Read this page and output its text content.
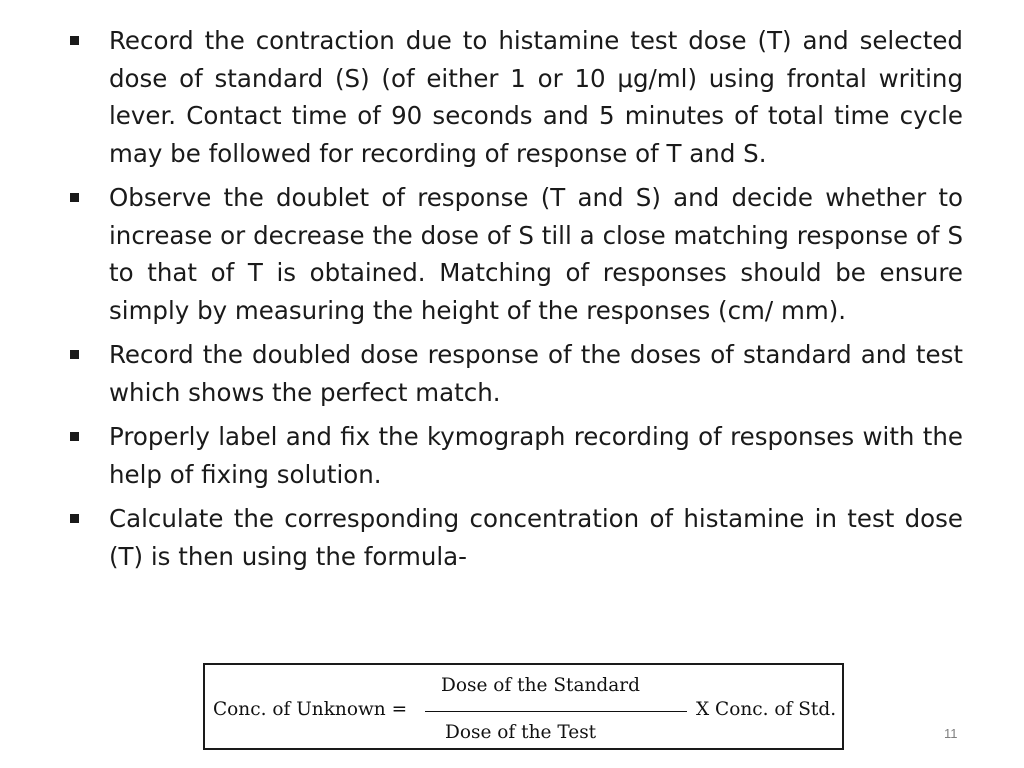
Record the contraction due to histamine test dose (T) and selected dose of standard (S) (of either 1 or 10 μg/ml) using frontal writing lever. Contact time of 90 seconds and 5 minutes of total time cycle may be followed for recording of response of T and S.
Observe the doublet of response (T and S) and decide whether to increase or decrease the dose of S till a close matching response of S to that of T is obtained. Matching of responses should be ensure simply by measuring the height of the responses (cm/ mm).
Record the doubled dose response of the doses of standard and test which shows the perfect match.
Properly label and fix the kymograph recording of responses with the help of fixing solution.
Calculate the corresponding concentration of histamine in test dose (T) is then using the formula-
Conc. of Unknown =
Dose of the Standard
Dose of the Test
X Conc. of Std.
11
